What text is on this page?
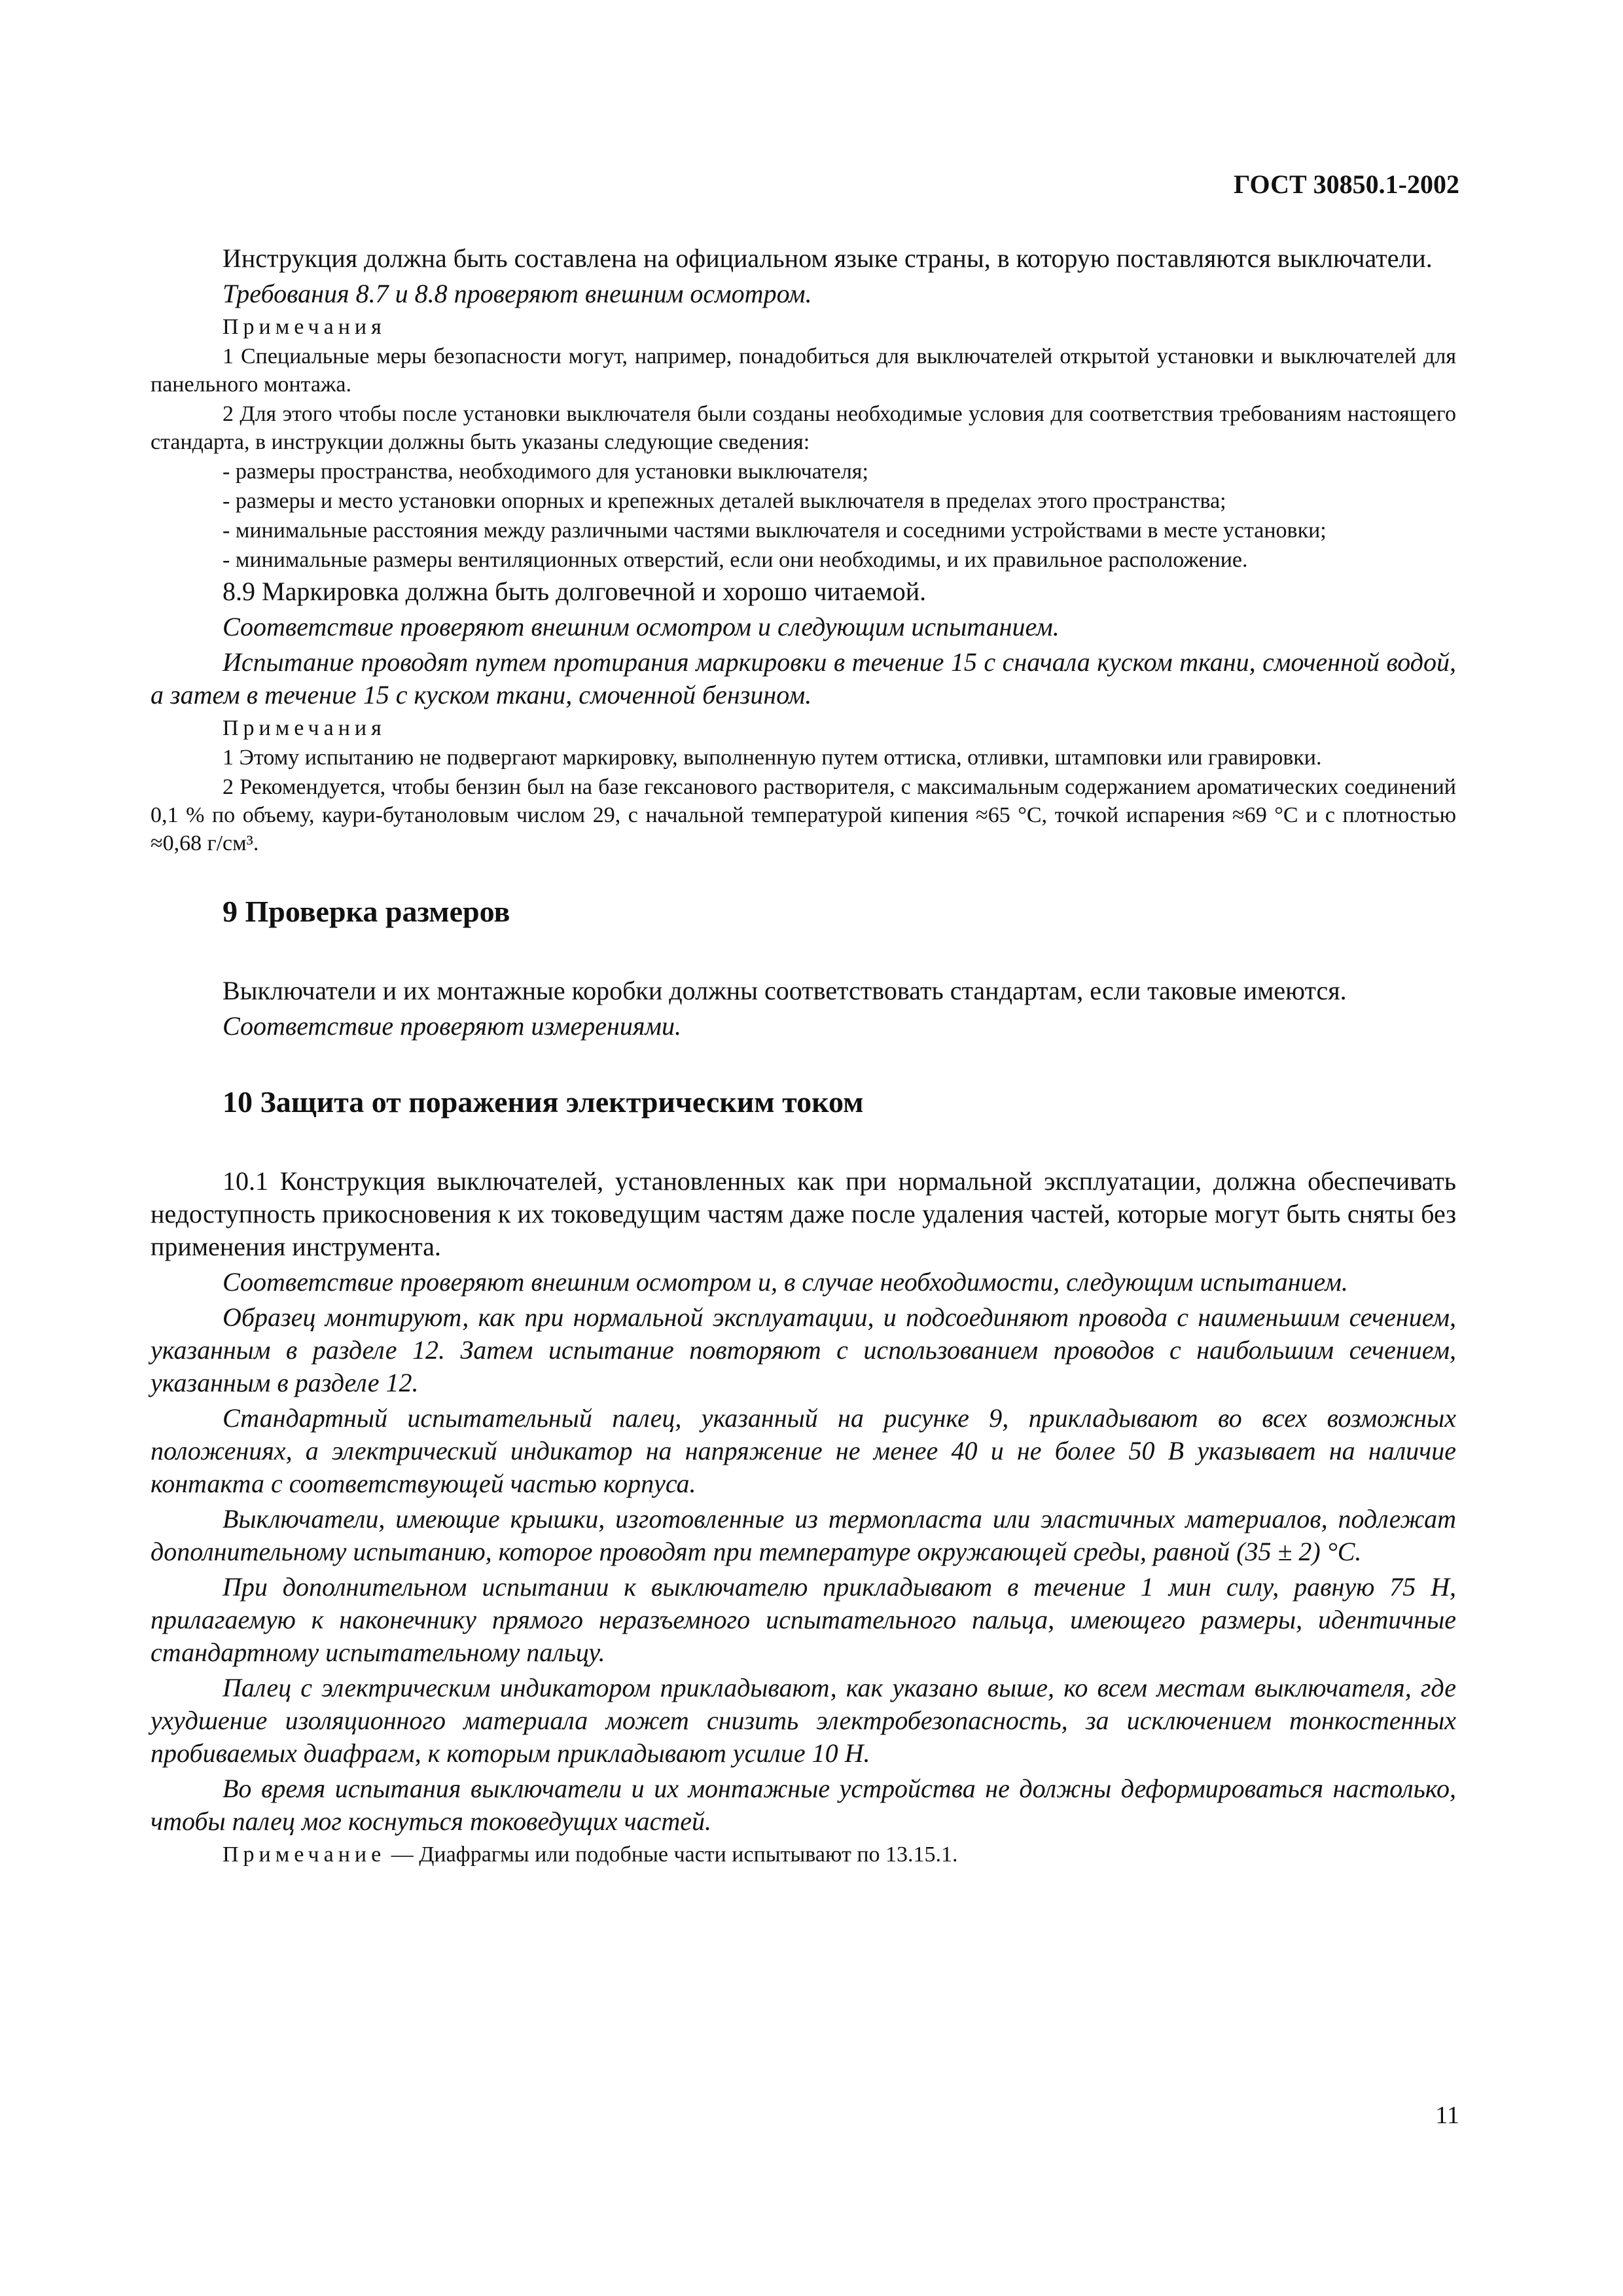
ГОСТ 30850.1-2002

Инструкция должна быть составлена на официальном языке страны, в которую поставляются выключатели.

Требования 8.7 и 8.8 проверяют внешним осмотром.

Примечания

1 Специальные меры безопасности могут, например, понадобиться для выключателей открытой установки и выключателей для панельного монтажа.

2 Для этого чтобы после установки выключателя были созданы необходимые условия для соответствия требованиям настоящего стандарта, в инструкции должны быть указаны следующие сведения:

- размеры пространства, необходимого для установки выключателя;

- размеры и место установки опорных и крепежных деталей выключателя в пределах этого пространства;

- минимальные расстояния между различными частями выключателя и соседними устройствами в месте установки;

- минимальные размеры вентиляционных отверстий, если они необходимы, и их правильное расположение.

8.9 Маркировка должна быть долговечной и хорошо читаемой.

Соответствие проверяют внешним осмотром и следующим испытанием.

Испытание проводят путем протирания маркировки в течение 15 с сначала куском ткани, смоченной водой, а затем в течение 15 с куском ткани, смоченной бензином.

Примечания

1 Этому испытанию не подвергают маркировку, выполненную путем оттиска, отливки, штамповки или гравировки.

2 Рекомендуется, чтобы бензин был на базе гексанового растворителя, с максимальным содержанием ароматических соединений 0,1 % по объему, каури-бутаноловым числом 29, с начальной температурой кипения ≈65 °С, точкой испарения ≈69 °С и с плотностью ≈0,68 г/см³.

9 Проверка размеров

Выключатели и их монтажные коробки должны соответствовать стандартам, если таковые имеются.

Соответствие проверяют измерениями.

10 Защита от поражения электрическим током

10.1 Конструкция выключателей, установленных как при нормальной эксплуатации, должна обеспечивать недоступность прикосновения к их токоведущим частям даже после удаления частей, которые могут быть сняты без применения инструмента.

Соответствие проверяют внешним осмотром и, в случае необходимости, следующим испытанием.

Образец монтируют, как при нормальной эксплуатации, и подсоединяют провода с наименьшим сечением, указанным в разделе 12. Затем испытание повторяют с использованием проводов с наибольшим сечением, указанным в разделе 12.

Стандартный испытательный палец, указанный на рисунке 9, прикладывают во всех возможных положениях, а электрический индикатор на напряжение не менее 40 и не более 50 В указывает на наличие контакта с соответствующей частью корпуса.

Выключатели, имеющие крышки, изготовленные из термопласта или эластичных материалов, подлежат дополнительному испытанию, которое проводят при температуре окружающей среды, равной (35 ± 2) °С.

При дополнительном испытании к выключателю прикладывают в течение 1 мин силу, равную 75 Н, прилагаемую к наконечнику прямого неразъемного испытательного пальца, имеющего размеры, идентичные стандартному испытательному пальцу.

Палец с электрическим индикатором прикладывают, как указано выше, ко всем местам выключателя, где ухудшение изоляционного материала может снизить электробезопасность, за исключением тонкостенных пробиваемых диафрагм, к которым прикладывают усилие 10 Н.

Во время испытания выключатели и их монтажные устройства не должны деформироваться настолько, чтобы палец мог коснуться токоведущих частей.

Примечание — Диафрагмы или подобные части испытывают по 13.15.1.

11
